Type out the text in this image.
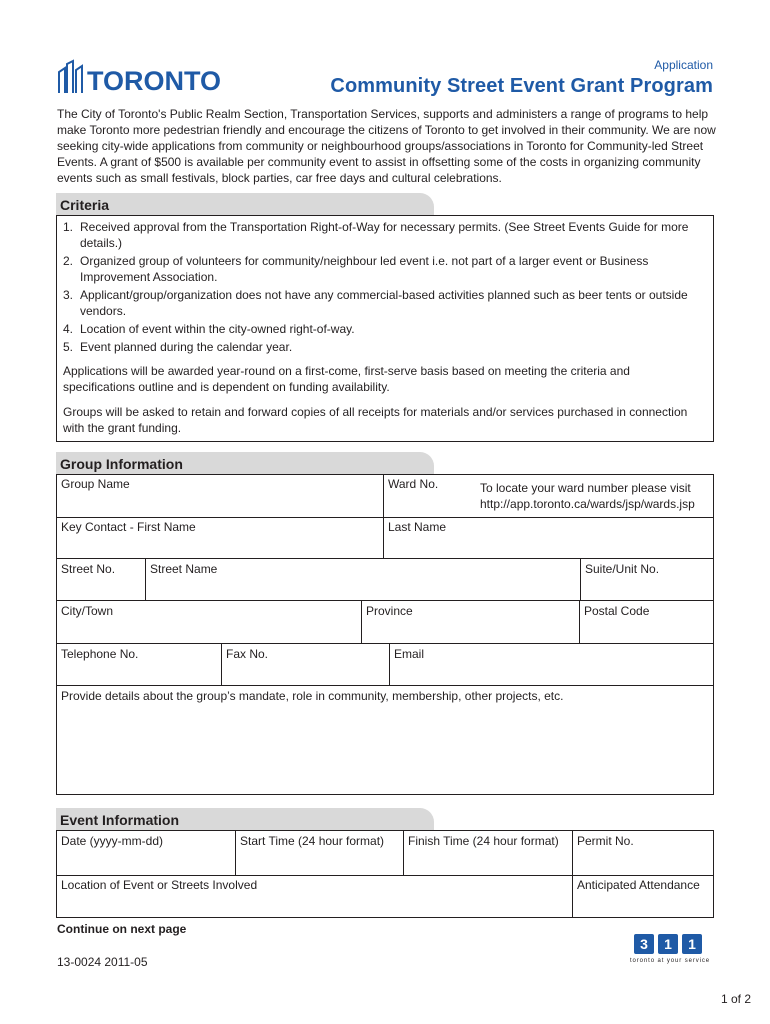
TORONTO
Application
Community Street Event Grant Program
The City of Toronto's Public Realm Section, Transportation Services, supports and administers a range of programs to help make Toronto more pedestrian friendly and encourage the citizens of Toronto to get involved in their community. We are now seeking city-wide applications from community or neighbourhood groups/associations in Toronto for Community-led Street Events. A grant of $500 is available per community event to assist in offsetting some of the costs in organizing community events such as small festivals, block parties, car free days and cultural celebrations.
Criteria
1. Received approval from the Transportation Right-of-Way for necessary permits. (See Street Events Guide for more details.)
2. Organized group of volunteers for community/neighbour led event i.e. not part of a larger event or Business Improvement Association.
3. Applicant/group/organization does not have any commercial-based activities planned such as beer tents or outside vendors.
4. Location of event within the city-owned right-of-way.
5. Event planned during the calendar year.

Applications will be awarded year-round on a first-come, first-serve basis based on meeting the criteria and specifications outline and is dependent on funding availability.

Groups will be asked to retain and forward copies of all receipts for materials and/or services purchased in connection with the grant funding.

Group Information
Group Name	Ward No.	To locate your ward number please visit
http://app.toronto.ca/wards/jsp/wards.jsp
Key Contact - First Name	Last Name
Street No.	Street Name	Suite/Unit No.
City/Town	Province	Postal Code
Telephone No.	Fax No.	Email
Provide details about the group’s mandate, role in community, membership, other projects, etc.
Event Information
Date (yyyy-mm-dd)	Start Time (24 hour format)	Finish Time (24 hour format)	Permit No.
Location of Event or Streets Involved	Anticipated Attendance
Continue on next page
13-0024 2011-05
3	1	1
toronto at your service
1 of 2
